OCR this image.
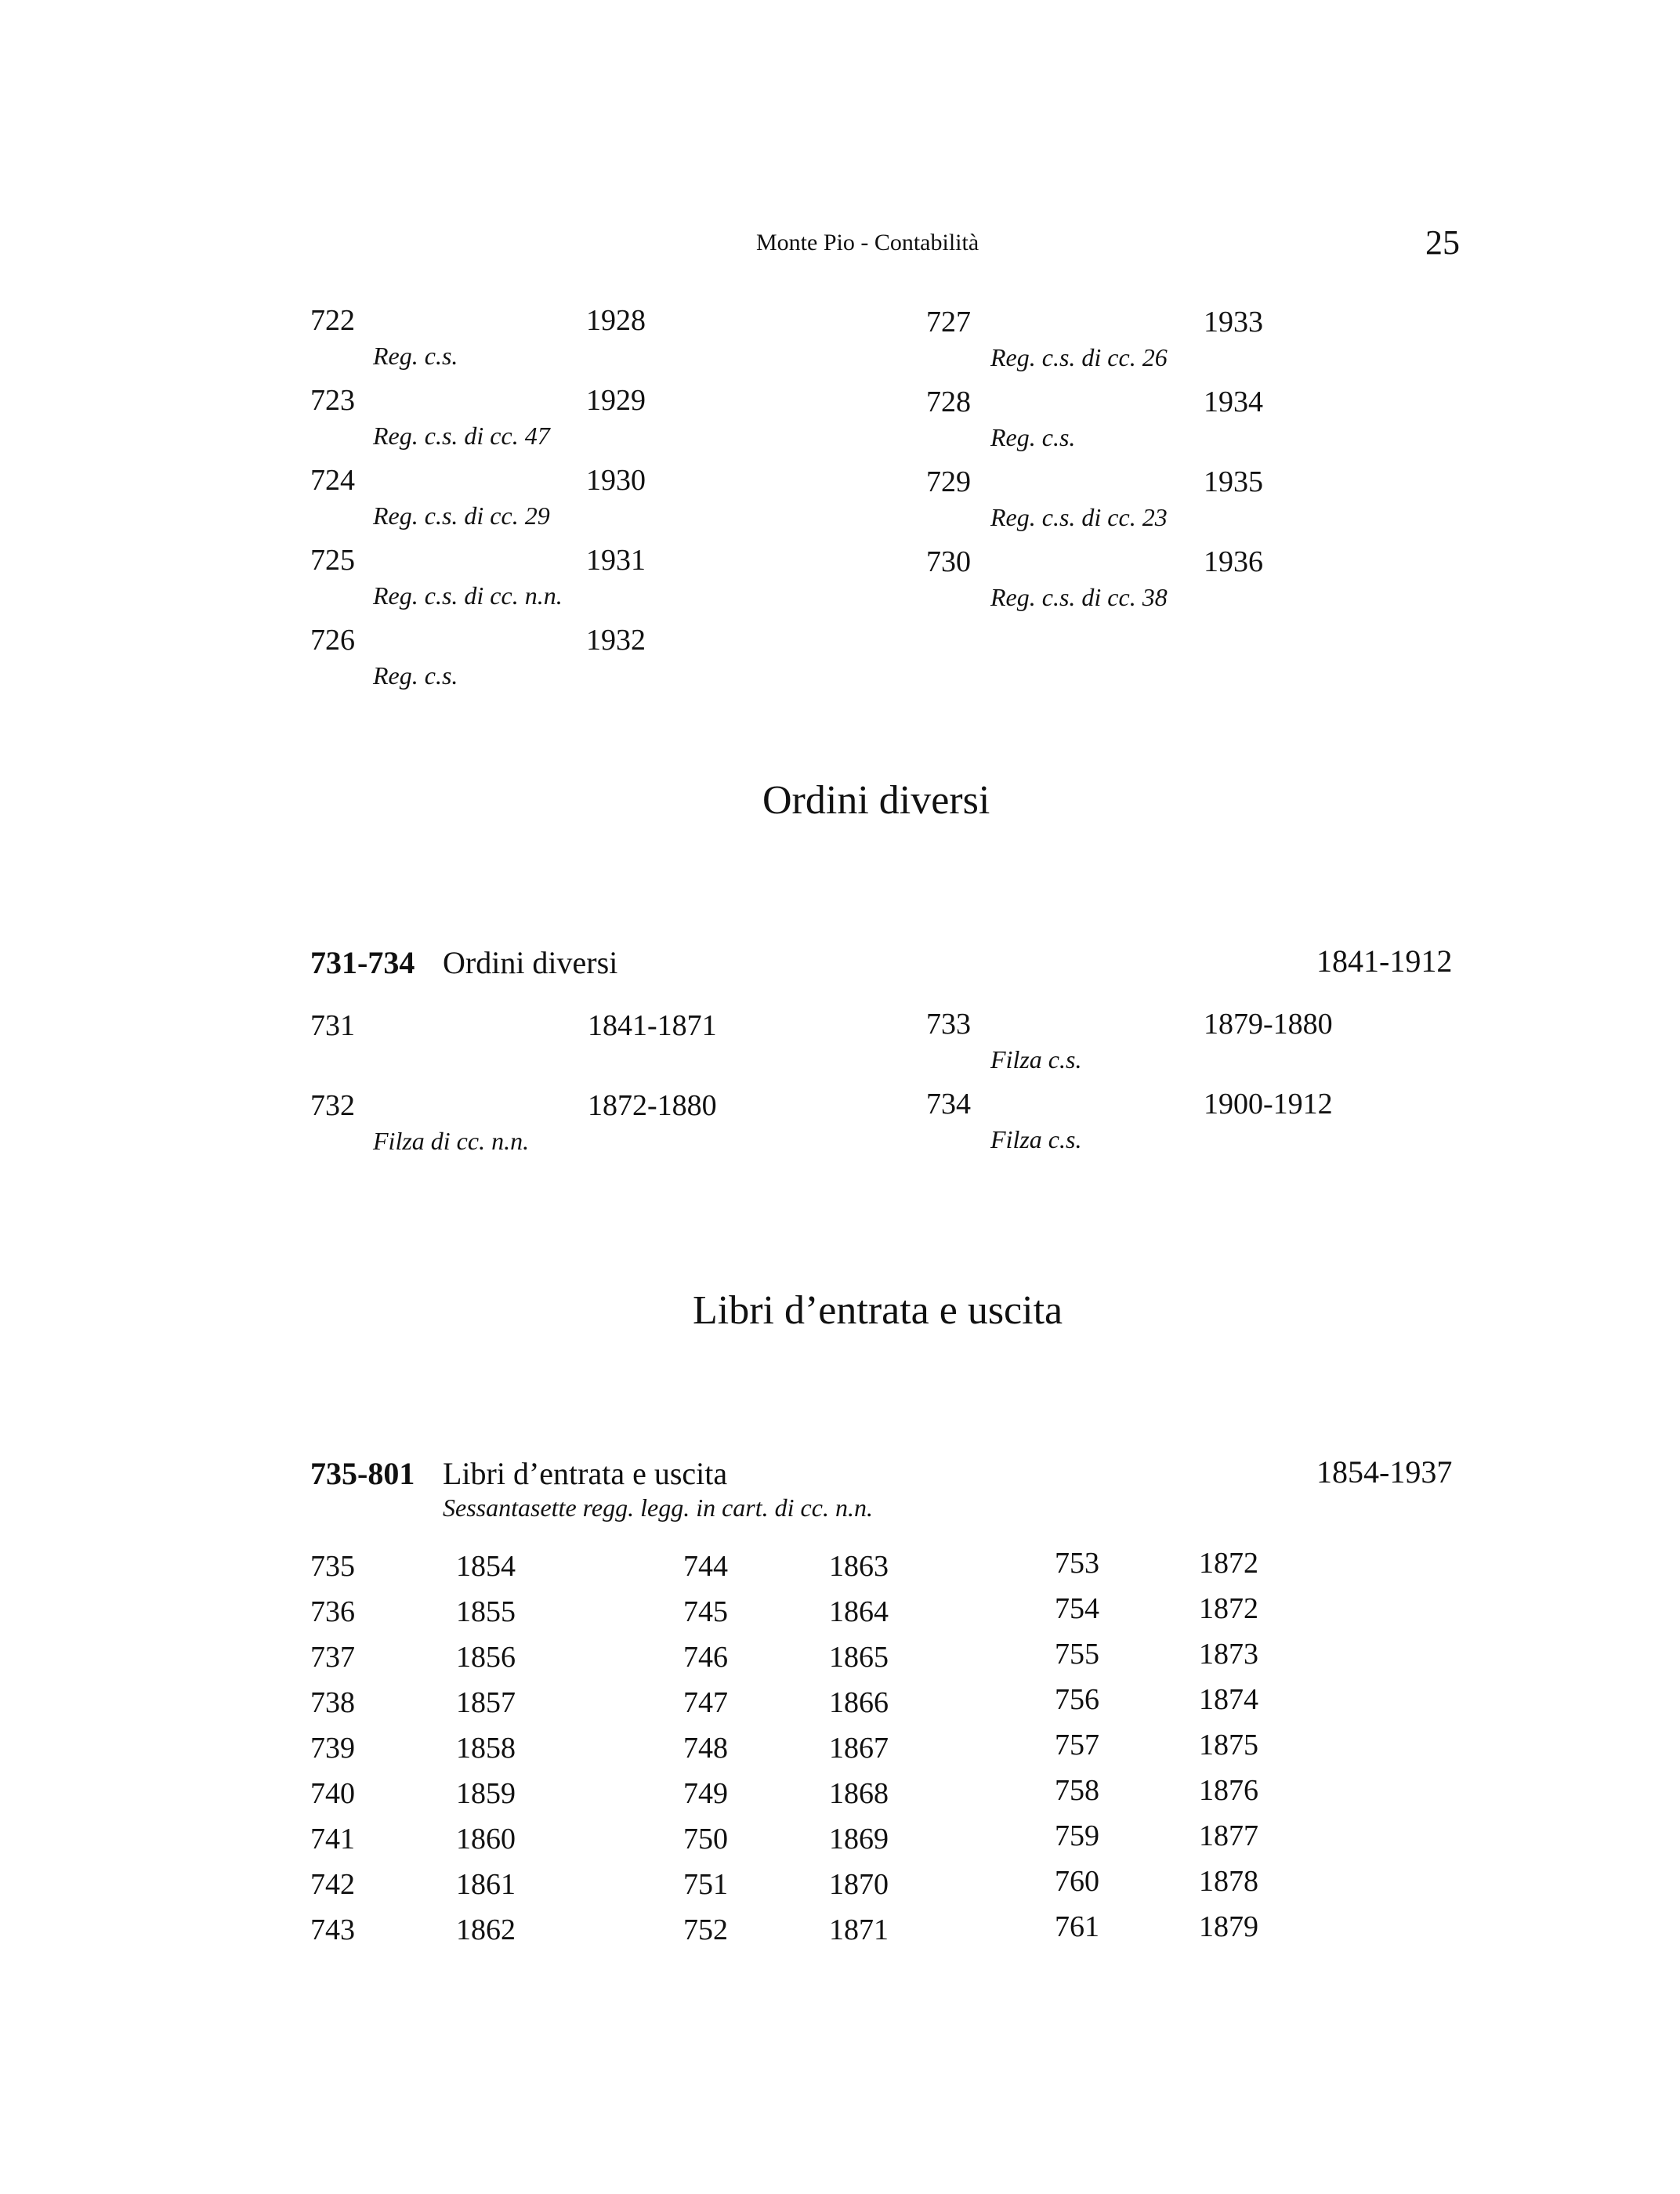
Monte Pio - Contabilità	25
722	1928
Reg. c.s.
723	1929
Reg. c.s. di cc. 47
724	1930
Reg. c.s. di cc. 29
725	1931
Reg. c.s. di cc. n.n.
726	1932
Reg. c.s.
727	1933
Reg. c.s. di cc. 26
728	1934
Reg. c.s.
729	1935
Reg. c.s. di cc. 23
730	1936
Reg. c.s. di cc. 38
Ordini diversi
731-734 Ordini diversi	1841-1912
731	1841-1871
732	1872-1880
Filza di cc. n.n.
733	1879-1880
Filza c.s.
734	1900-1912
Filza c.s.
Libri d’entrata e uscita
735-801 Libri d’entrata e uscita	1854-1937
Sessantasette regg. legg. in cart. di cc. n.n.
735	1854
736	1855
737	1856
738	1857
739	1858
740	1859
741	1860
742	1861
743	1862
744	1863
745	1864
746	1865
747	1866
748	1867
749	1868
750	1869
751	1870
752	1871
753	1872
754	1872
755	1873
756	1874
757	1875
758	1876
759	1877
760	1878
761	1879
